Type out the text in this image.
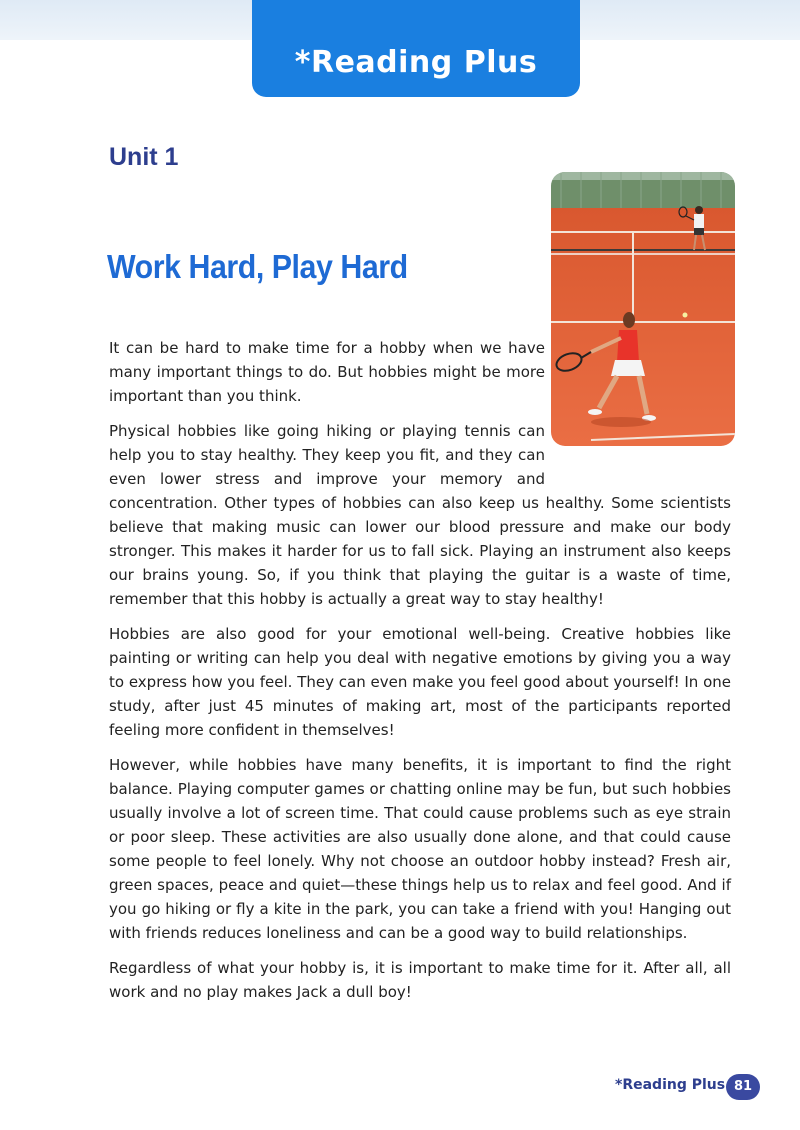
*Reading Plus
Unit 1
Work Hard, Play Hard

It can be hard to make time for a hobby when we have many important things to do. But hobbies might be more important than you think.

Physical hobbies like going hiking or playing tennis can help you to stay healthy. They keep you fit, and they can even lower stress and improve your memory and concentration. Other types of hobbies can also keep us healthy. Some scientists believe that making music can lower our blood pressure and make our body stronger. This makes it harder for us to fall sick. Playing an instrument also keeps our brains young. So, if you think that playing the guitar is a waste of time, remember that this hobby is actually a great way to stay healthy!

Hobbies are also good for your emotional well-being. Creative hobbies like painting or writing can help you deal with negative emotions by giving you a way to express how you feel. They can even make you feel good about yourself! In one study, after just 45 minutes of making art, most of the participants reported feeling more confident in themselves!

However, while hobbies have many benefits, it is important to find the right balance. Playing computer games or chatting online may be fun, but such hobbies usually involve a lot of screen time. That could cause problems such as eye strain or poor sleep. These activities are also usually done alone, and that could cause some people to feel lonely. Why not choose an outdoor hobby instead? Fresh air, green spaces, peace and quiet—these things help us to relax and feel good. And if you go hiking or fly a kite in the park, you can take a friend with you! Hanging out with friends reduces loneliness and can be a good way to build relationships.

Regardless of what your hobby is, it is important to make time for it. After all, all work and no play makes Jack a dull boy!

*Reading Plus 81
